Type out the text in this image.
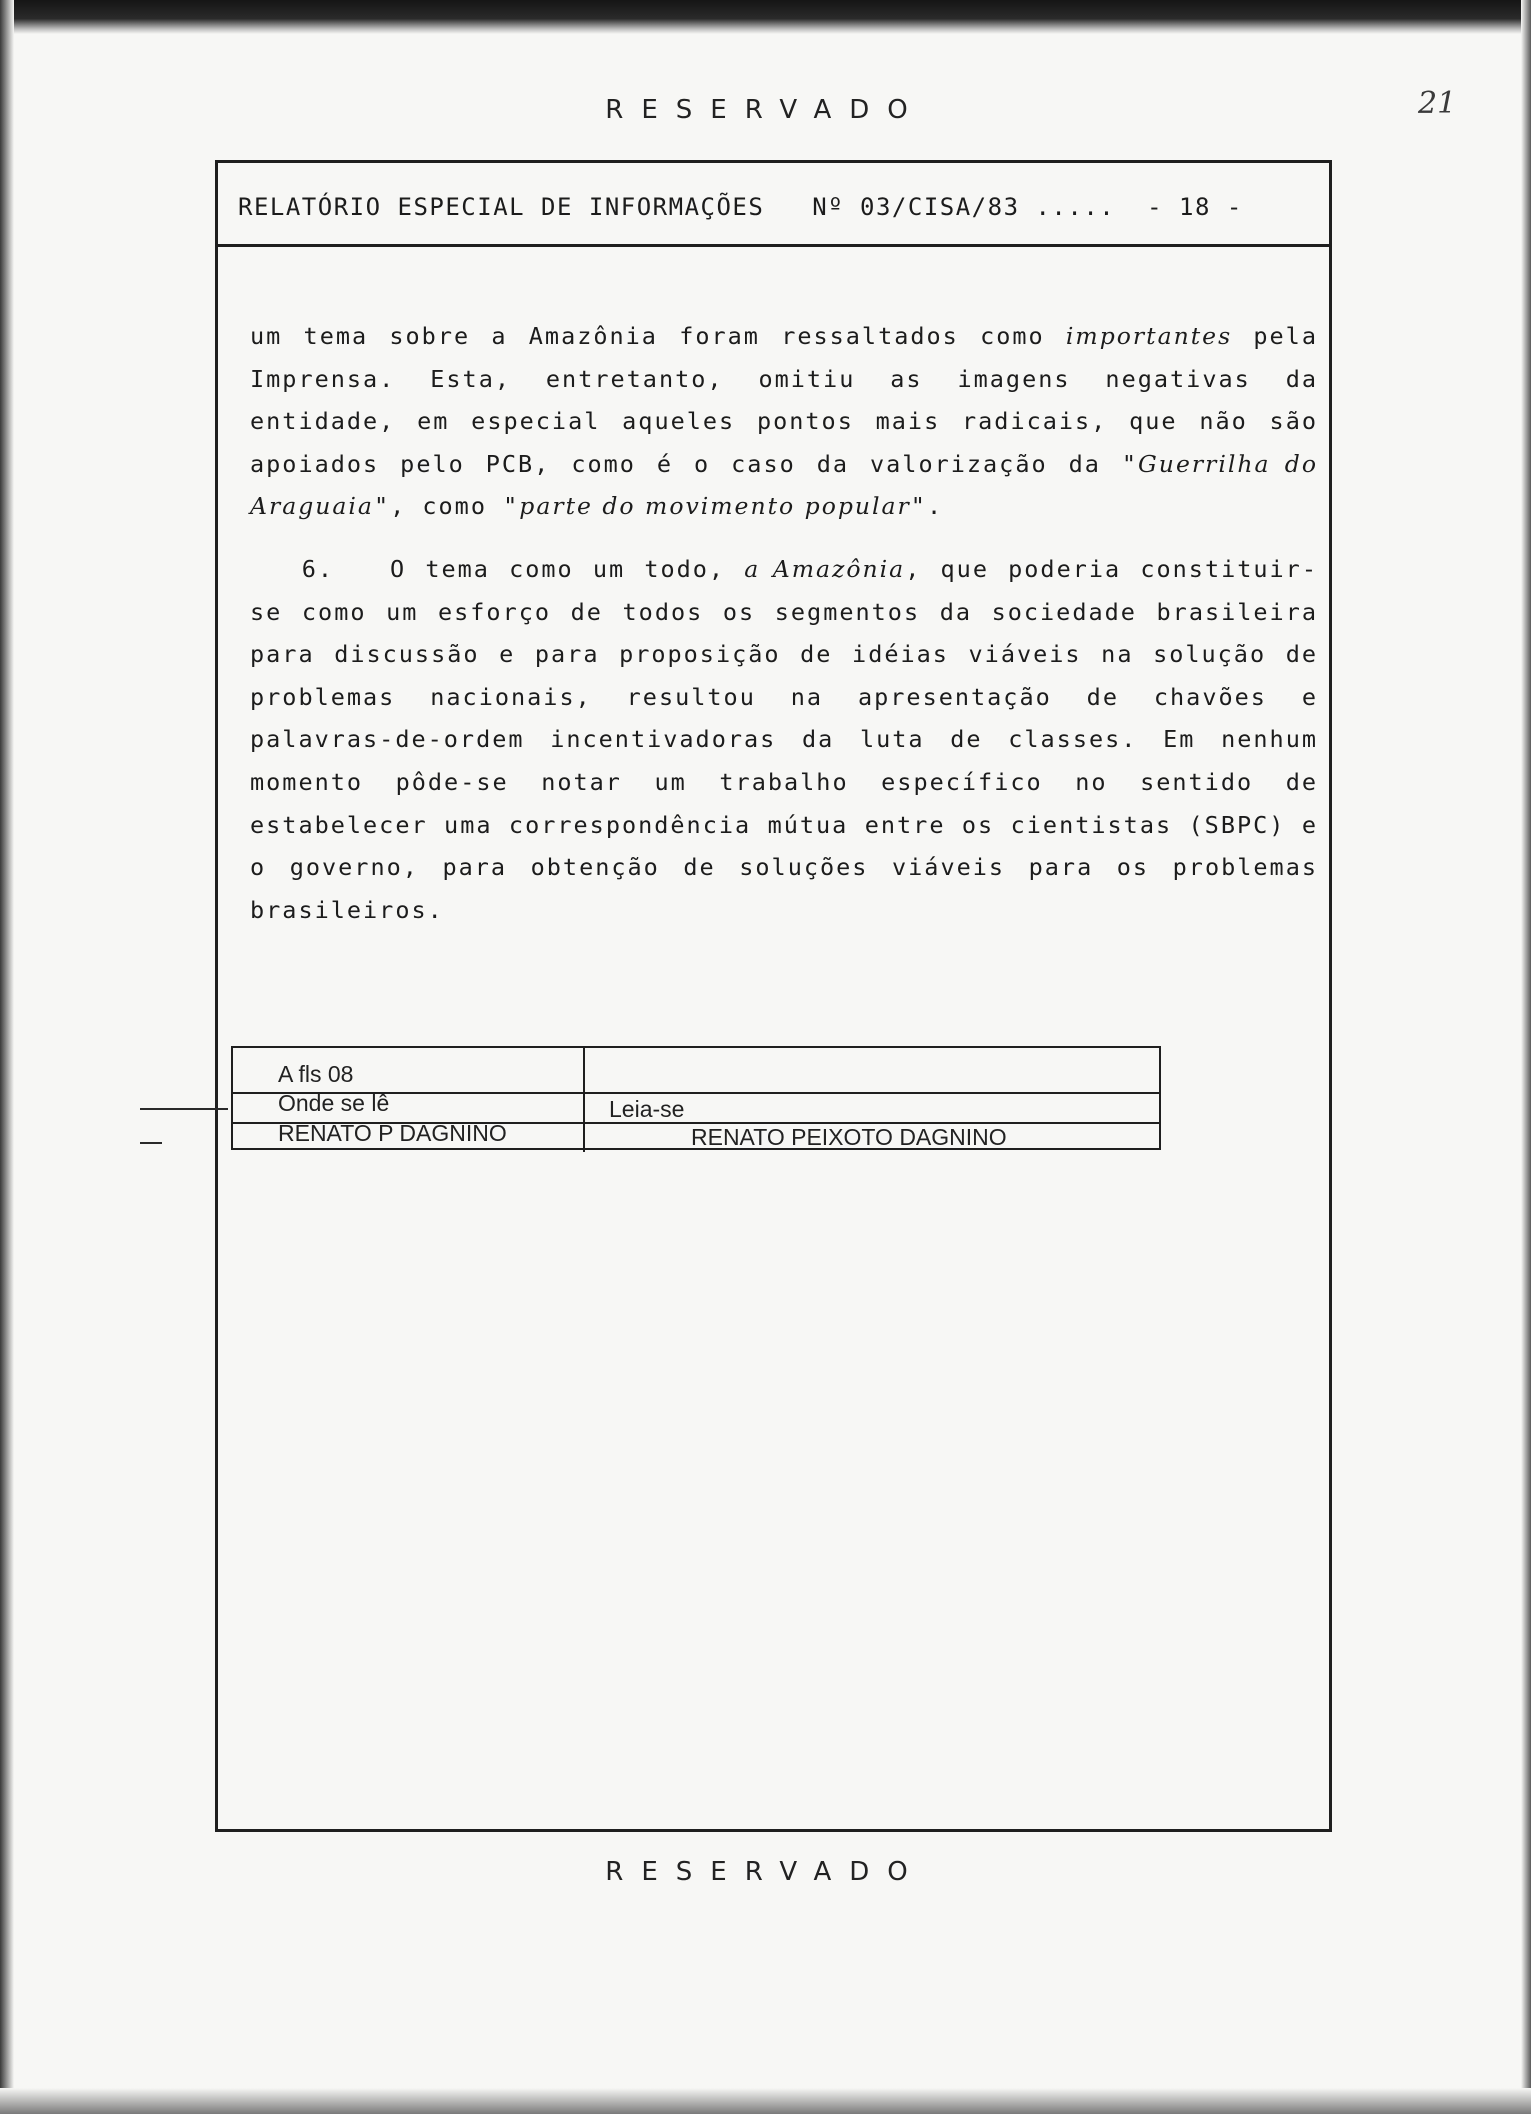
RESERVADO	21
RELATÓRIO ESPECIAL DE INFORMAÇÕES Nº 03/CISA/83 ..... - 18 -

um tema sobre a Amazônia foram ressaltados como importantes pela Imprensa. Esta, entretanto, omitiu as imagens negativas da entidade, em especial aqueles pontos mais radicais, que não são apoiados pelo PCB, como é o caso da valorização da "Guerrilha do Araguaia", como "parte do movimento popular".

6. O tema como um todo, a Amazônia, que poderia constituir-se como um esforço de todos os segmentos da sociedade brasileira para discussão e para proposição de idéias viáveis na solução de problemas nacionais, resultou na apresentação de chavões e palavras-de-ordem incentivadoras da luta de classes. Em nenhum momento pôde-se notar um trabalho específico no sentido de estabelecer uma correspondência mútua entre os cientistas (SBPC) e o governo, para obtenção de soluções viáveis para os problemas brasileiros.

A fls 08
Onde se lê	Leia-se
RENATO P DAGNINO	RENATO PEIXOTO DAGNINO
RESERVADO
